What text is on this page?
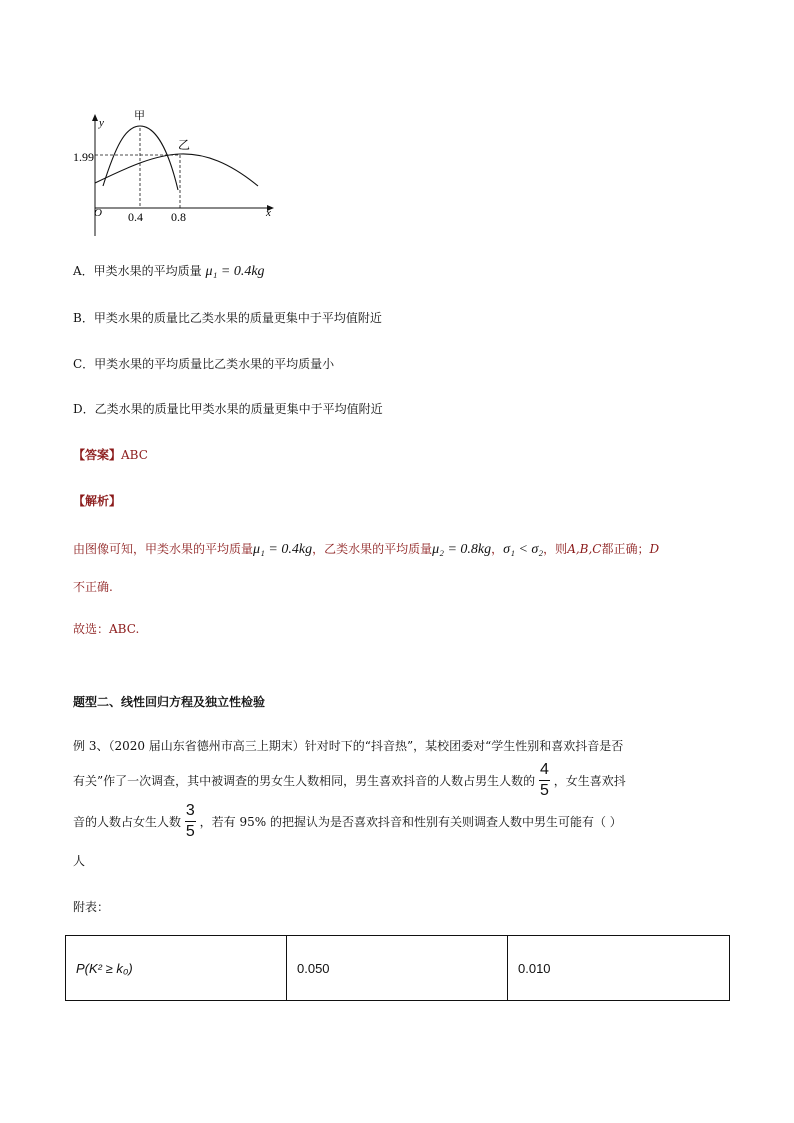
y
x
O
1.99
0.4 0.8
甲
乙
A．甲类水果的平均质量 μ₁ = 0.4kg
B．甲类水果的质量比乙类水果的质量更集中于平均值附近
C．甲类水果的平均质量比乙类水果的平均质量小
D．乙类水果的质量比甲类水果的质量更集中于平均值附近
【答案】ABC
【解析】
由图像可知，甲类水果的平均质量μ₁ = 0.4kg，乙类水果的平均质量μ₂ = 0.8kg，σ₁ < σ₂，则A,B,C都正确；D
不正确.
故选：ABC.
题型二、线性回归方程及独立性检验
例 3、（2020 届山东省德州市高三上期末）针对时下的“抖音热”，某校团委对“学生性别和喜欢抖音是否
有关”作了一次调查，其中被调查的男女生人数相同，男生喜欢抖音的人数占男生人数的 $\frac{4}{5}$ ，女生喜欢抖
音的人数占女生人数 $\frac{3}{5}$ ，若有 95% 的把握认为是否喜欢抖音和性别有关则调查人数中男生可能有（ ）
人
附表：
P(K² ≥ k₀)	0.050	0.010
